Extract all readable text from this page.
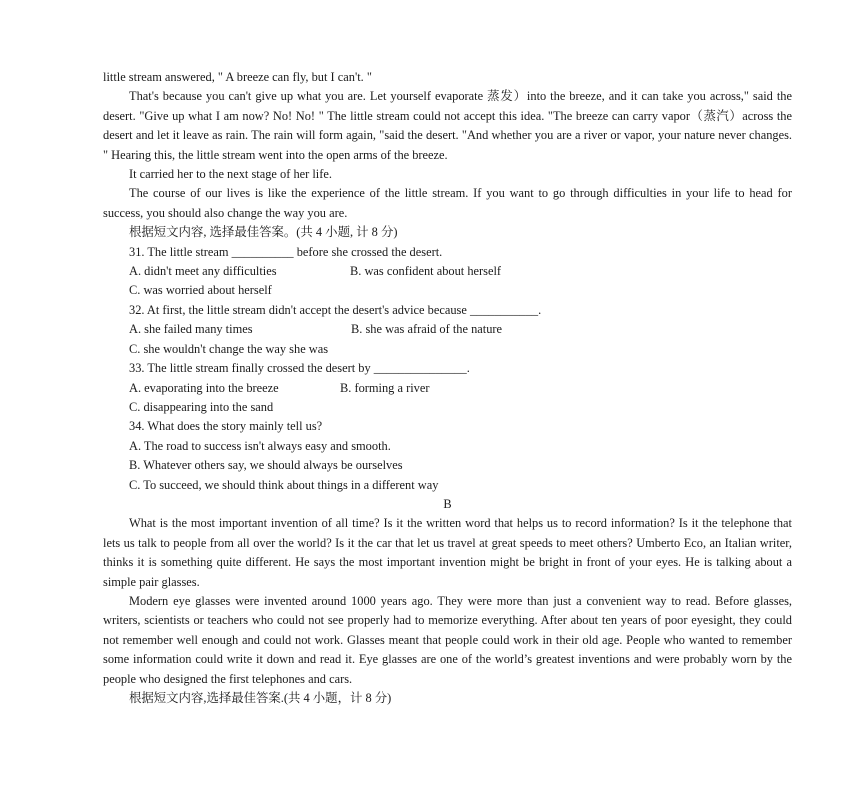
little stream answered, " A breeze can fly, but I can't. "

That's because you can't give up what you are. Let yourself evaporate 蒸发）into the breeze, and it can take you across," said the desert. "Give up what I am now? No! No! " The little stream could not accept this idea. "The breeze can carry vapor（蒸汽）across the desert and let it leave as rain. The rain will form again, "said the desert. "And whether you are a river or vapor, your nature never changes. " Hearing this, the little stream went into the open arms of the breeze.

It carried her to the next stage of her life.

The course of our lives is like the experience of the little stream. If you want to go through difficulties in your life to head for success, you should also change the way you are.

根据短文内容, 选择最佳答案。(共 4 小题, 计 8 分)

31. The little stream __________ before she crossed the desert.

A. didn't meet any difficulties	B. was confident about herself

C. was worried about herself

32. At first, the little stream didn't accept the desert's advice because ___________.

A. she failed many times	B. she was afraid of the nature

C. she wouldn't change the way she was

33. The little stream finally crossed the desert by _______________.

A. evaporating into the breeze	B. forming a river

C. disappearing into the sand

34. What does the story mainly tell us?

A. The road to success isn't always easy and smooth.

B. Whatever others say, we should always be ourselves

C. To succeed, we should think about things in a different way

B

What is the most important invention of all time? Is it the written word that helps us to record information? Is it the telephone that lets us talk to people from all over the world? Is it the car that let us travel at great speeds to meet others? Umberto Eco, an Italian writer, thinks it is something quite different. He says the most important invention might be bright in front of your eyes. He is talking about a simple pair glasses.

Modern eye glasses were invented around 1000 years ago. They were more than just a convenient way to read. Before glasses, writers, scientists or teachers who could not see properly had to memorize everything. After about ten years of poor eyesight, they could not remember well enough and could not work. Glasses meant that people could work in their old age. People who wanted to remember some information could write it down and read it. Eye glasses are one of the world’s greatest inventions and were probably worn by the people who designed the first telephones and cars.

根据短文内容,选择最佳答案.(共 4 小题，计 8 分)
